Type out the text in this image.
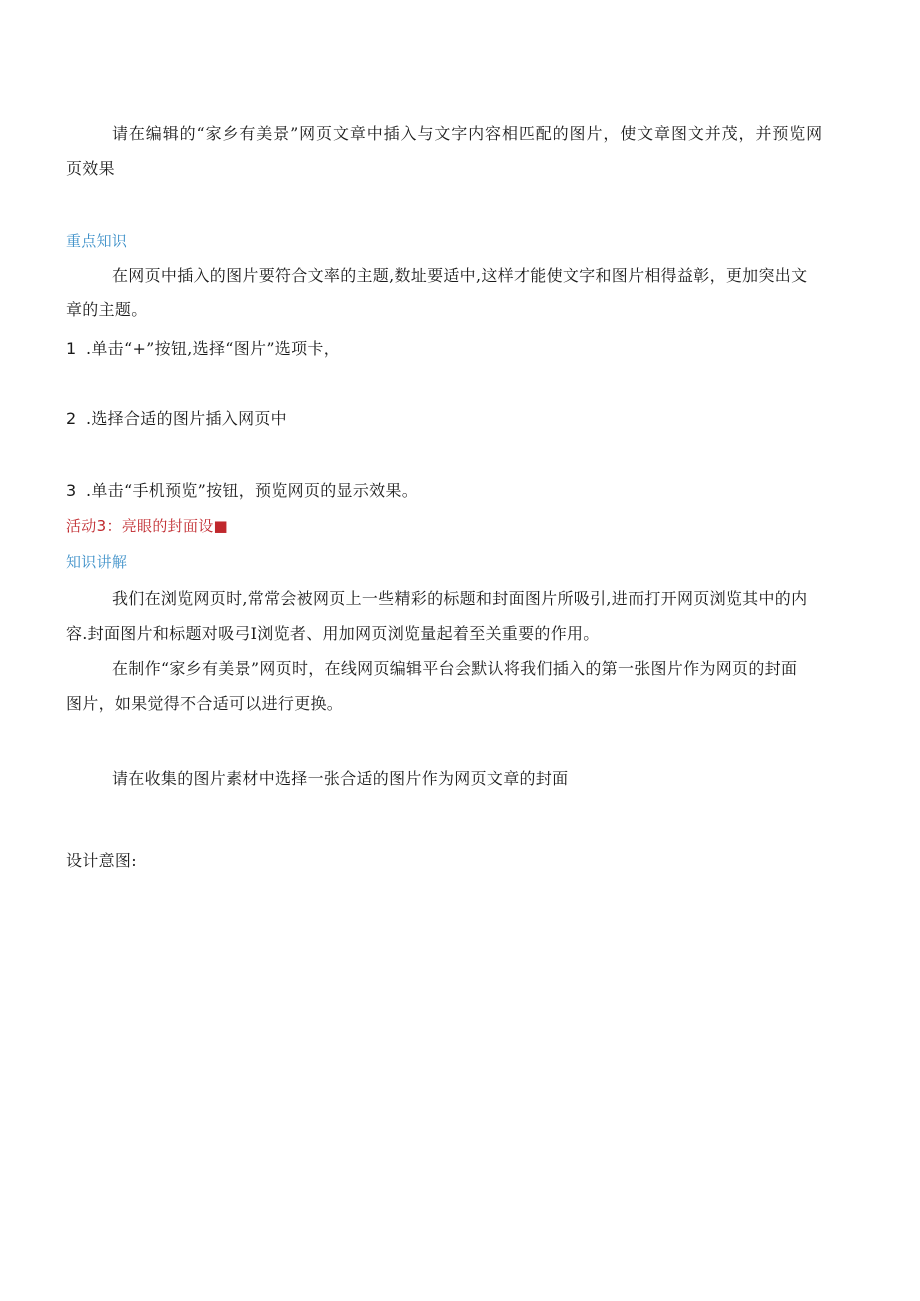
请在编辑的“家乡有美景”网页文章中插入与文字内容相匹配的图片，使文章图文并茂，并预览网
页效果
重点知识
在网页中插入的图片要符合文率的主题,数址要适中,这样才能使文字和图片相得益彰，更加突出文
章的主题。
1 .单击“+”按钮,选择“图片”选项卡，
2 .选择合适的图片插入网页中
3 .单击“手机预览”按钮，预览网页的显示效果。
活动3：亮眼的封面设■
知识讲解
我们在浏览网页时,常常会被网页上一些精彩的标题和封面图片所吸引,进而打开网页浏览其中的内
容.封面图片和标题对吸弓I浏览者、用加网页浏览量起着至关重要的作用。
在制作“家乡有美景”网页时，在线网页编辑平台会默认将我们插入的第一张图片作为网页的封面
图片，如果觉得不合适可以进行更换。
请在收集的图片素材中选择一张合适的图片作为网页文章的封面
设计意图:
